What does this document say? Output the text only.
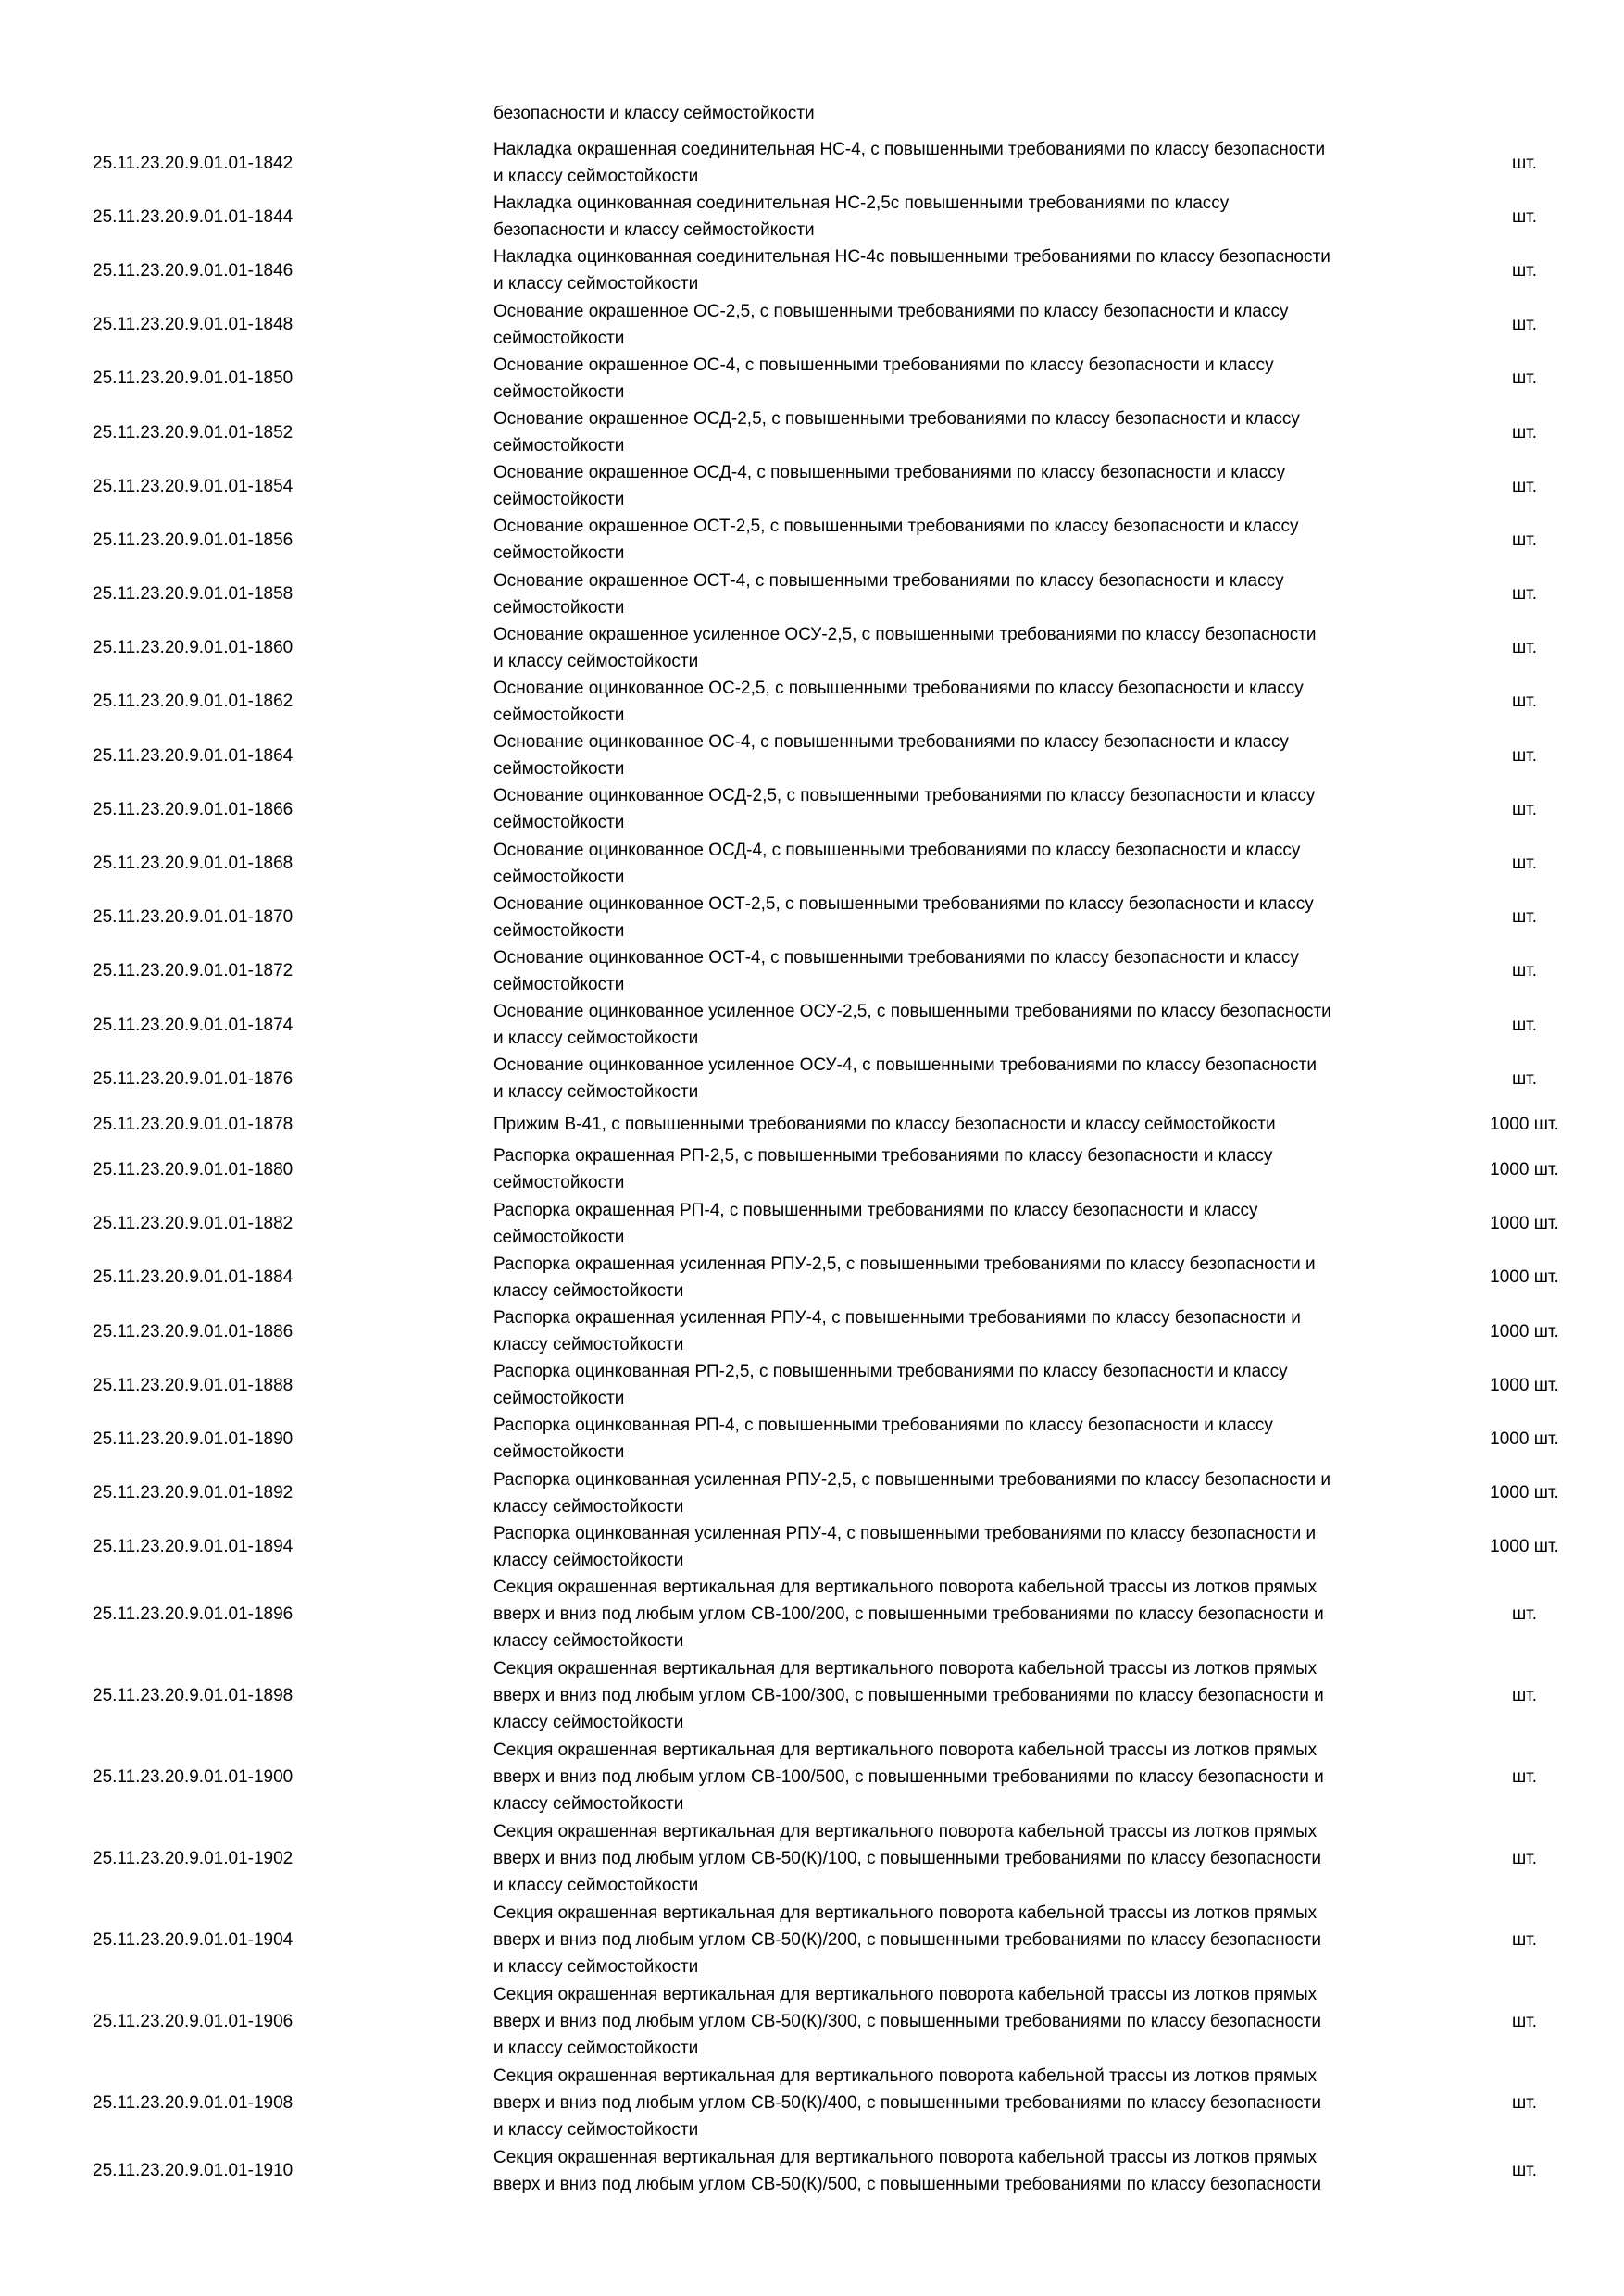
безопасности и классу сеймостойкости
25.11.23.20.9.01.01-1842	Накладка окрашенная соединительная НС-4, с повышенными требованиями по классу безопасности
и классу сеймостойкости	шт.
25.11.23.20.9.01.01-1844	Накладка оцинкованная соединительная НС-2,5с повышенными требованиями по классу
безопасности и классу сеймостойкости	шт.
25.11.23.20.9.01.01-1846	Накладка оцинкованная соединительная НС-4с повышенными требованиями по классу безопасности
и классу сеймостойкости	шт.
25.11.23.20.9.01.01-1848	Основание окрашенное ОС-2,5, с повышенными требованиями по классу безопасности и классу
сеймостойкости	шт.
25.11.23.20.9.01.01-1850	Основание окрашенное ОС-4, с повышенными требованиями по классу безопасности и классу
сеймостойкости	шт.
25.11.23.20.9.01.01-1852	Основание окрашенное ОСД-2,5, с повышенными требованиями по классу безопасности и классу
сеймостойкости	шт.
25.11.23.20.9.01.01-1854	Основание окрашенное ОСД-4, с повышенными требованиями по классу безопасности и классу
сеймостойкости	шт.
25.11.23.20.9.01.01-1856	Основание окрашенное ОСТ-2,5, с повышенными требованиями по классу безопасности и классу
сеймостойкости	шт.
25.11.23.20.9.01.01-1858	Основание окрашенное ОСТ-4, с повышенными требованиями по классу безопасности и классу
сеймостойкости	шт.
25.11.23.20.9.01.01-1860	Основание окрашенное усиленное ОСУ-2,5, с повышенными требованиями по классу безопасности
и классу сеймостойкости	шт.
25.11.23.20.9.01.01-1862	Основание оцинкованное ОС-2,5, с повышенными требованиями по классу безопасности и классу
сеймостойкости	шт.
25.11.23.20.9.01.01-1864	Основание оцинкованное ОС-4, с повышенными требованиями по классу безопасности и классу
сеймостойкости	шт.
25.11.23.20.9.01.01-1866	Основание оцинкованное ОСД-2,5, с повышенными требованиями по классу безопасности и классу
сеймостойкости	шт.
25.11.23.20.9.01.01-1868	Основание оцинкованное ОСД-4, с повышенными требованиями по классу безопасности и классу
сеймостойкости	шт.
25.11.23.20.9.01.01-1870	Основание оцинкованное ОСТ-2,5, с повышенными требованиями по классу безопасности и классу
сеймостойкости	шт.
25.11.23.20.9.01.01-1872	Основание оцинкованное ОСТ-4, с повышенными требованиями по классу безопасности и классу
сеймостойкости	шт.
25.11.23.20.9.01.01-1874	Основание оцинкованное усиленное ОСУ-2,5, с повышенными требованиями по классу безопасности
и классу сеймостойкости	шт.
25.11.23.20.9.01.01-1876	Основание оцинкованное усиленное ОСУ-4, с повышенными требованиями по классу безопасности
и классу сеймостойкости	шт.
25.11.23.20.9.01.01-1878	Прижим В-41, с повышенными требованиями по классу безопасности и классу сеймостойкости	1000 шт.
25.11.23.20.9.01.01-1880	Распорка окрашенная РП-2,5, с повышенными требованиями по классу безопасности и классу
сеймостойкости	1000 шт.
25.11.23.20.9.01.01-1882	Распорка окрашенная РП-4, с повышенными требованиями по классу безопасности и классу
сеймостойкости	1000 шт.
25.11.23.20.9.01.01-1884	Распорка окрашенная усиленная РПУ-2,5, с повышенными требованиями по классу безопасности и
классу сеймостойкости	1000 шт.
25.11.23.20.9.01.01-1886	Распорка окрашенная усиленная РПУ-4, с повышенными требованиями по классу безопасности и
классу сеймостойкости	1000 шт.
25.11.23.20.9.01.01-1888	Распорка оцинкованная РП-2,5, с повышенными требованиями по классу безопасности и классу
сеймостойкости	1000 шт.
25.11.23.20.9.01.01-1890	Распорка оцинкованная РП-4, с повышенными требованиями по классу безопасности и классу
сеймостойкости	1000 шт.
25.11.23.20.9.01.01-1892	Распорка оцинкованная усиленная РПУ-2,5, с повышенными требованиями по классу безопасности и
классу сеймостойкости	1000 шт.
25.11.23.20.9.01.01-1894	Распорка оцинкованная усиленная РПУ-4, с повышенными требованиями по классу безопасности и
классу сеймостойкости	1000 шт.
25.11.23.20.9.01.01-1896	Секция окрашенная вертикальная для вертикального поворота кабельной трассы из лотков прямых
вверх и вниз под любым углом СВ-100/200, с повышенными требованиями по классу безопасности и
классу сеймостойкости	шт.
25.11.23.20.9.01.01-1898	Секция окрашенная вертикальная для вертикального поворота кабельной трассы из лотков прямых
вверх и вниз под любым углом СВ-100/300, с повышенными требованиями по классу безопасности и
классу сеймостойкости	шт.
25.11.23.20.9.01.01-1900	Секция окрашенная вертикальная для вертикального поворота кабельной трассы из лотков прямых
вверх и вниз под любым углом СВ-100/500, с повышенными требованиями по классу безопасности и
классу сеймостойкости	шт.
25.11.23.20.9.01.01-1902	Секция окрашенная вертикальная для вертикального поворота кабельной трассы из лотков прямых
вверх и вниз под любым углом СВ-50(К)/100, с повышенными требованиями по классу безопасности
и классу сеймостойкости	шт.
25.11.23.20.9.01.01-1904	Секция окрашенная вертикальная для вертикального поворота кабельной трассы из лотков прямых
вверх и вниз под любым углом СВ-50(К)/200, с повышенными требованиями по классу безопасности
и классу сеймостойкости	шт.
25.11.23.20.9.01.01-1906	Секция окрашенная вертикальная для вертикального поворота кабельной трассы из лотков прямых
вверх и вниз под любым углом СВ-50(К)/300, с повышенными требованиями по классу безопасности
и классу сеймостойкости	шт.
25.11.23.20.9.01.01-1908	Секция окрашенная вертикальная для вертикального поворота кабельной трассы из лотков прямых
вверх и вниз под любым углом СВ-50(К)/400, с повышенными требованиями по классу безопасности
и классу сеймостойкости	шт.
25.11.23.20.9.01.01-1910	Секция окрашенная вертикальная для вертикального поворота кабельной трассы из лотков прямых
вверх и вниз под любым углом СВ-50(К)/500, с повышенными требованиями по классу безопасности	шт.
